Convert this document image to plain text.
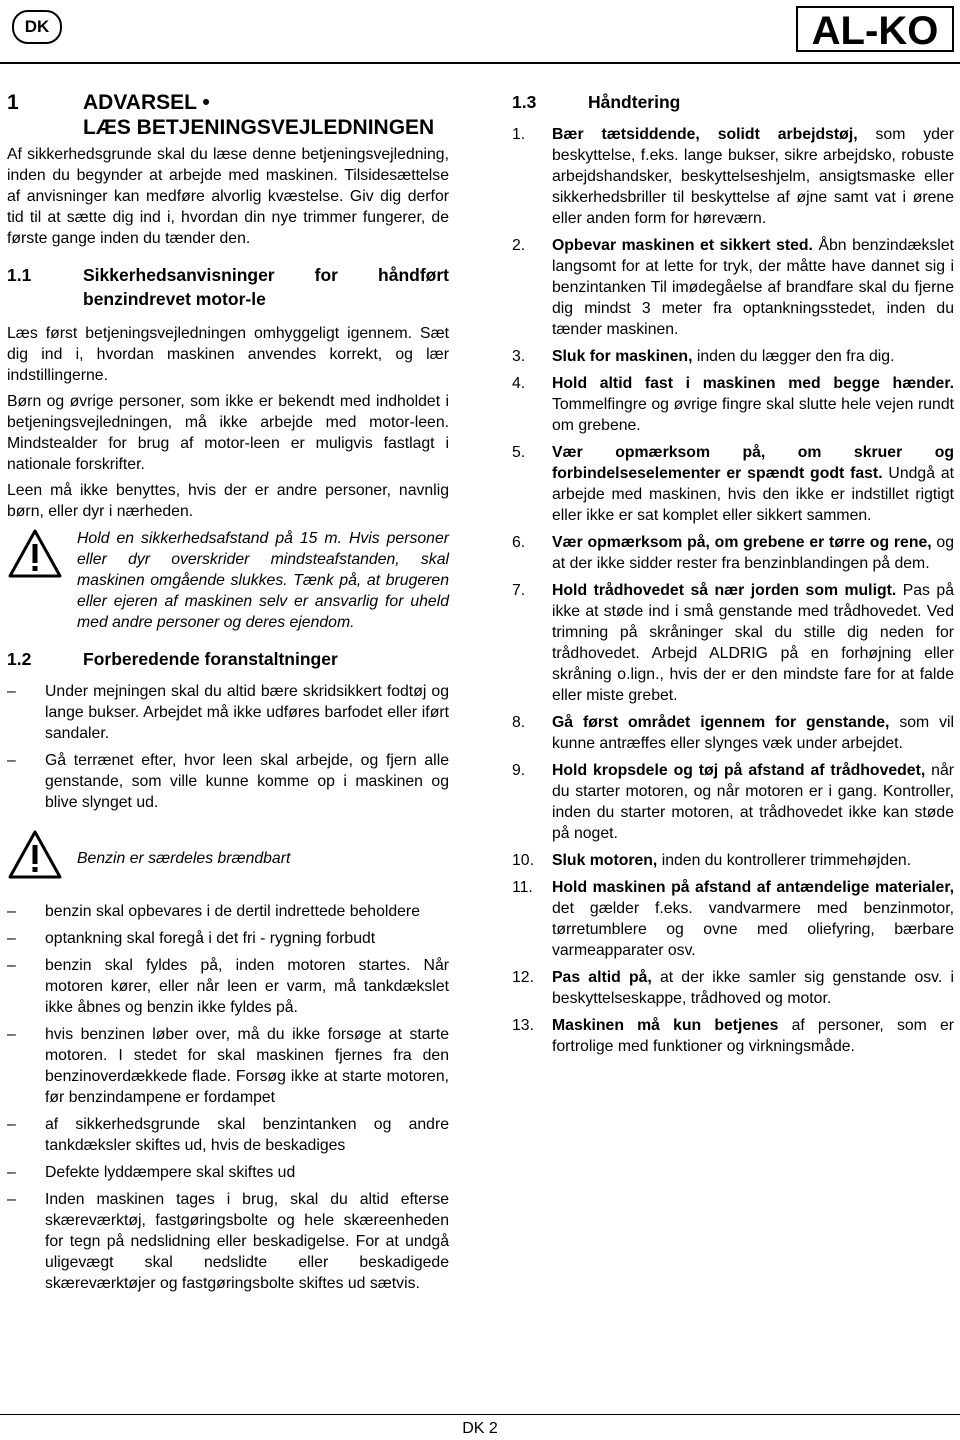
DK	AL-KO
1	ADVARSEL •
LÆS BETJENINGSVEJLEDNINGEN

Af sikkerhedsgrunde skal du læse denne betjeningsvejledning, inden du begynder at arbejde med maskinen. Tilsidesættelse af anvisninger kan medføre alvorlig kvæstelse. Giv dig derfor tid til at sætte dig ind i, hvordan din nye trimmer fungerer, de første gange inden du tænder den.

1.1	Sikkerhedsanvisninger for håndført benzindrevet motor-le

Læs først betjeningsvejledningen omhyggeligt igennem. Sæt dig ind i, hvordan maskinen anvendes korrekt, og lær indstillingerne.

Børn og øvrige personer, som ikke er bekendt med indholdet i betjeningsvejledningen, må ikke arbejde med motor-leen. Mindstealder for brug af motor-leen er muligvis fastlagt i nationale forskrifter.

Leen må ikke benyttes, hvis der er andre personer, navnlig børn, eller dyr i nærheden.

Hold en sikkerhedsafstand på 15 m. Hvis personer eller dyr overskrider mindsteafstanden, skal maskinen omgående slukkes. Tænk på, at brugeren eller ejeren af maskinen selv er ansvarlig for uheld med andre personer og deres ejendom.
1.2	Forberedende foranstaltninger
–	Under mejningen skal du altid bære skridsikkert fodtøj og lange bukser. Arbejdet må ikke udføres barfodet eller iført sandaler.
–	Gå terrænet efter, hvor leen skal arbejde, og fjern alle genstande, som ville kunne komme op i maskinen og blive slynget ud.
Benzin er særdeles brændbart
–	benzin skal opbevares i de dertil indrettede beholdere
–	optankning skal foregå i det fri - rygning forbudt
–	benzin skal fyldes på, inden motoren startes. Når motoren kører, eller når leen er varm, må tankdækslet ikke åbnes og benzin ikke fyldes på.
–	hvis benzinen løber over, må du ikke forsøge at starte motoren. I stedet for skal maskinen fjernes fra den benzinoverdækkede flade. Forsøg ikke at starte motoren, før benzindampene er fordampet
–	af sikkerhedsgrunde skal benzintanken og andre tankdæksler skiftes ud, hvis de beskadiges
–	Defekte lyddæmpere skal skiftes ud
–	Inden maskinen tages i brug, skal du altid efterse skæreværktøj, fastgøringsbolte og hele skæreenheden for tegn på nedslidning eller beskadigelse. For at undgå uligevægt skal nedslidte eller beskadigede skæreværktøjer og fastgøringsbolte skiftes ud sætvis.
1.3	Håndtering
1.	Bær tætsiddende, solidt arbejdstøj, som yder beskyttelse, f.eks. lange bukser, sikre arbejdsko, robuste arbejdshandsker, beskyttelseshjelm, ansigtsmaske eller sikkerhedsbriller til beskyttelse af øjne samt vat i ørene eller anden form for høreværn.
2.	Opbevar maskinen et sikkert sted. Åbn benzindækslet langsomt for at lette for tryk, der måtte have dannet sig i benzintanken Til imødegåelse af brandfare skal du fjerne dig mindst 3 meter fra optankningsstedet, inden du tænder maskinen.
3.	Sluk for maskinen, inden du lægger den fra dig.
4.	Hold altid fast i maskinen med begge hænder. Tommelfingre og øvrige fingre skal slutte hele vejen rundt om grebene.
5.	Vær opmærksom på, om skruer og forbindelseselementer er spændt godt fast. Undgå at arbejde med maskinen, hvis den ikke er indstillet rigtigt eller ikke er sat komplet eller sikkert sammen.
6.	Vær opmærksom på, om grebene er tørre og rene, og at der ikke sidder rester fra benzinblandingen på dem.
7.	Hold trådhovedet så nær jorden som muligt. Pas på ikke at støde ind i små genstande med trådhovedet. Ved trimning på skråninger skal du stille dig neden for trådhovedet. Arbejd ALDRIG på en forhøjning eller skråning o.lign., hvis der er den mindste fare for at falde eller miste grebet.
8.	Gå først området igennem for genstande, som vil kunne antræffes eller slynges væk under arbejdet.
9.	Hold kropsdele og tøj på afstand af trådhovedet, når du starter motoren, og når motoren er i gang. Kontroller, inden du starter motoren, at trådhovedet ikke kan støde på noget.
10.	Sluk motoren, inden du kontrollerer trimmehøjden.
11.	Hold maskinen på afstand af antændelige materialer, det gælder f.eks. vandvarmere med benzinmotor, tørretumblere og ovne med oliefyring, bærbare varmeapparater osv.
12.	Pas altid på, at der ikke samler sig genstande osv. i beskyttelseskappe, trådhoved og motor.
13.	Maskinen må kun betjenes af personer, som er fortrolige med funktioner og virkningsmåde.
DK 2
